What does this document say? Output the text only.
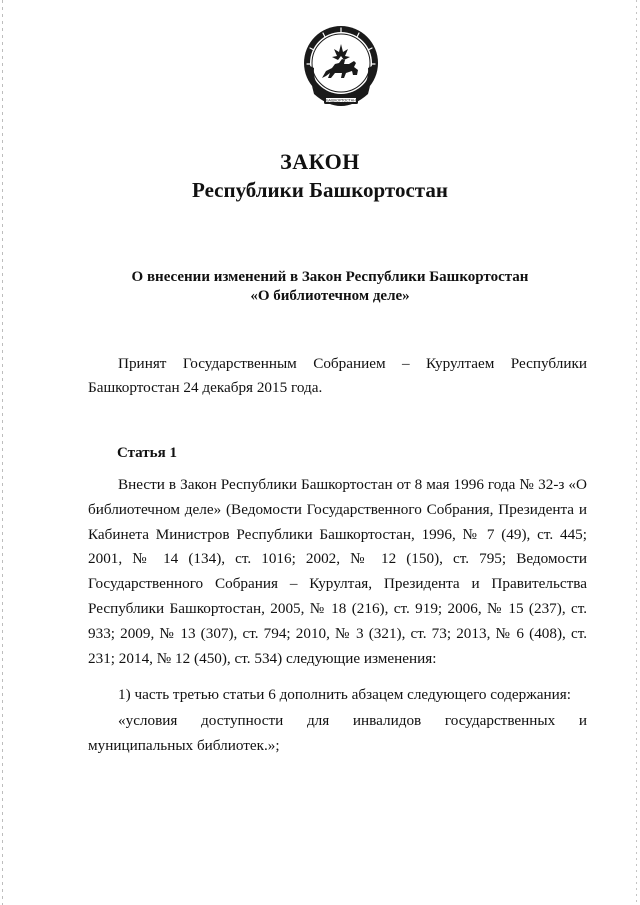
БАШКОРТОСТАН
ЗАКОН
Республики Башкортостан
О внесении изменений в Закон Республики Башкортостан
«О библиотечном деле»

Принят Государственным Собранием – Курултаем Республики Башкортостан 24 декабря 2015 года.

Статья 1

Внести в Закон Республики Башкортостан от 8 мая 1996 года № 32-з «О библиотечном деле» (Ведомости Государственного Собрания, Президента и Кабинета Министров Республики Башкортостан, 1996, № 7 (49), ст. 445; 2001, № 14 (134), ст. 1016; 2002, № 12 (150), ст. 795; Ведомости Государственного Собрания – Курултая, Президента и Правительства Республики Башкортостан, 2005, № 18 (216), ст. 919; 2006, № 15 (237), ст. 933; 2009, № 13 (307), ст. 794; 2010, № 3 (321), ст. 73; 2013, № 6 (408), ст. 231; 2014, № 12 (450), ст. 534) следующие изменения:

1) часть третью статьи 6 дополнить абзацем следующего содержания:

«условия доступности для инвалидов государственных и муниципальных библиотек.»;
